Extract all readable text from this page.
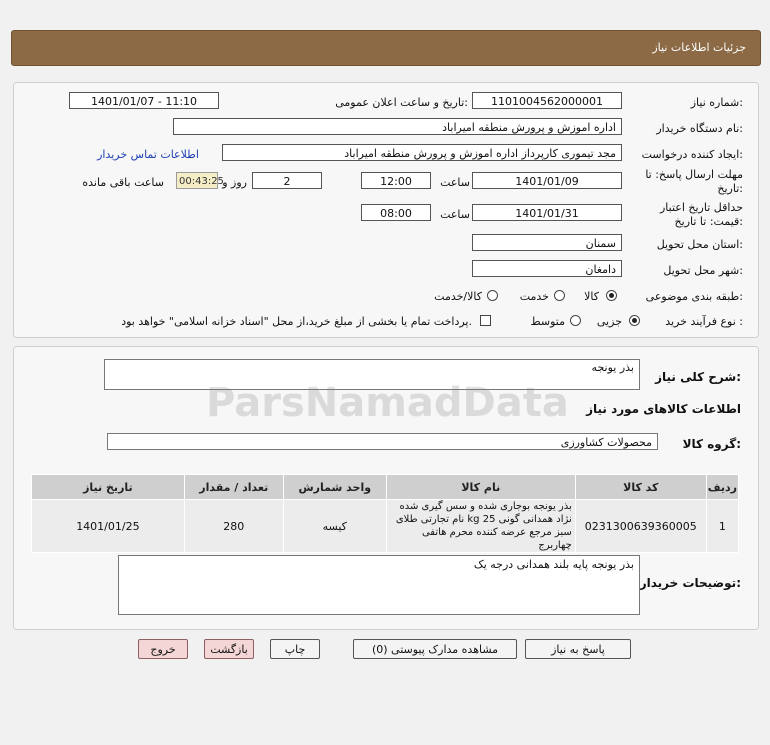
جزئیات اطلاعات نیاز
شماره نیاز:
1101004562000001
تاریخ و ساعت اعلان عمومی:
1401/01/07 - 11:10
نام دستگاه خریدار:
اداره اموزش و پرورش منطقه امیراباد
ایجاد کننده درخواست:
مجد تیموری کارپرداز اداره اموزش و پرورش منطقه امیراباد
اطلاعات تماس خریدار
مهلت ارسال پاسخ: تا
تاریخ:
1401/01/09
ساعت
12:00
2
روز و
00:43:25
ساعت باقی مانده
حداقل تاریخ اعتبار
قیمت: تا تاریخ:
1401/01/31
ساعت
08:00
استان محل تحویل:
سمنان
شهر محل تحویل:
دامغان
طبقه بندی موضوعی:
کالا
خدمت
کالا/خدمت
نوع فرآیند خرید :
جزیی
متوسط
پرداخت تمام یا بخشی از مبلغ خرید،از محل "اسناد خزانه اسلامی" خواهد بود.
شرح کلی نیاز:
بذر یونجه
اطلاعات کالاهای مورد نیاز
گروه کالا:
محصولات کشاورزی
ردیف	کد کالا	نام کالا	واحد شمارش	تعداد / مقدار	تاریخ نیاز
1	0231300639360005	بذر یونجه بوجاری شده و سس گیری شده نژاد همدانی گونی 25 kg نام تجارتی طلای سبز مرجع عرضه کننده محرم هاتفی چهاربرج	کیسه	280	1401/01/25
توضیحات خریدار:
بذر یونجه پایه بلند همدانی درجه یک
ParsNamadData
پاسخ به نیاز
مشاهده مدارک پیوستی (0)
چاپ
بازگشت
خروج
